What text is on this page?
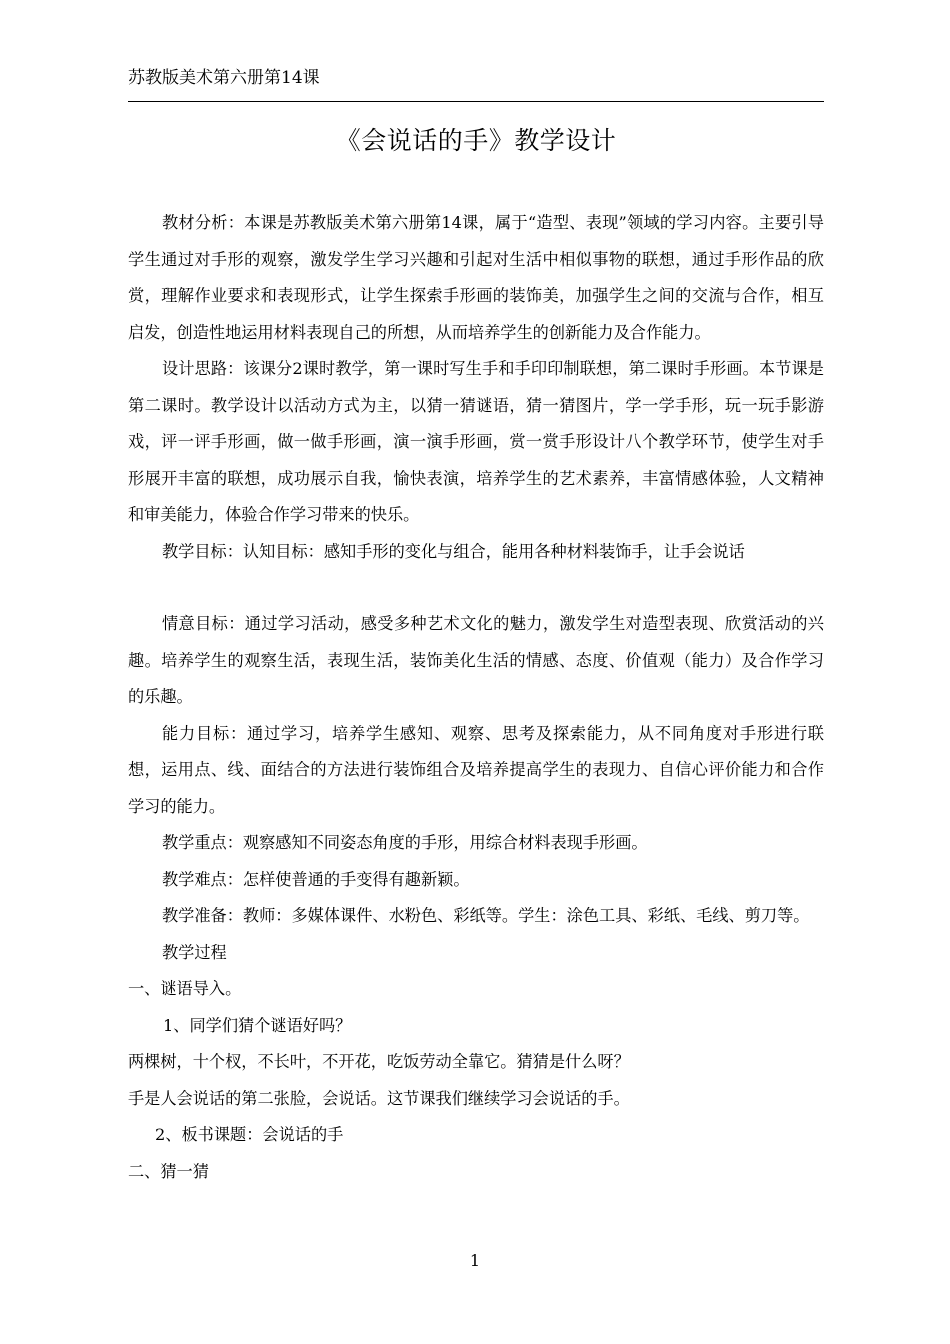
苏教版美术第六册第14课
《会说话的手》教学设计

教材分析：本课是苏教版美术第六册第14课，属于“造型、表现”领域的学习内容。主要引导学生通过对手形的观察，激发学生学习兴趣和引起对生活中相似事物的联想，通过手形作品的欣赏，理解作业要求和表现形式，让学生探索手形画的装饰美，加强学生之间的交流与合作，相互启发，创造性地运用材料表现自己的所想，从而培养学生的创新能力及合作能力。

设计思路：该课分2课时教学，第一课时写生手和手印印制联想，第二课时手形画。本节课是第二课时。教学设计以活动方式为主，以猜一猜谜语，猜一猜图片，学一学手形，玩一玩手影游戏，评一评手形画，做一做手形画，演一演手形画，赏一赏手形设计八个教学环节，使学生对手形展开丰富的联想，成功展示自我，愉快表演，培养学生的艺术素养，丰富情感体验，人文精神和审美能力，体验合作学习带来的快乐。

教学目标：认知目标：感知手形的变化与组合，能用各种材料装饰手，让手会说话

情意目标：通过学习活动，感受多种艺术文化的魅力，激发学生对造型表现、欣赏活动的兴趣。培养学生的观察生活，表现生活，装饰美化生活的情感、态度、价值观（能力）及合作学习的乐趣。

能力目标：通过学习，培养学生感知、观察、思考及探索能力，从不同角度对手形进行联想，运用点、线、面结合的方法进行装饰组合及培养提高学生的表现力、自信心评价能力和合作学习的能力。

教学重点：观察感知不同姿态角度的手形，用综合材料表现手形画。

教学难点：怎样使普通的手变得有趣新颖。

教学准备：教师：多媒体课件、水粉色、彩纸等。学生：涂色工具、彩纸、毛线、剪刀等。

教学过程

一、谜语导入。

1、同学们猜个谜语好吗？

两棵树，十个杈，不长叶，不开花，吃饭劳动全靠它。猜猜是什么呀？

手是人会说话的第二张脸，会说话。这节课我们继续学习会说话的手。

2、板书课题：会说话的手

二、猜一猜

1
